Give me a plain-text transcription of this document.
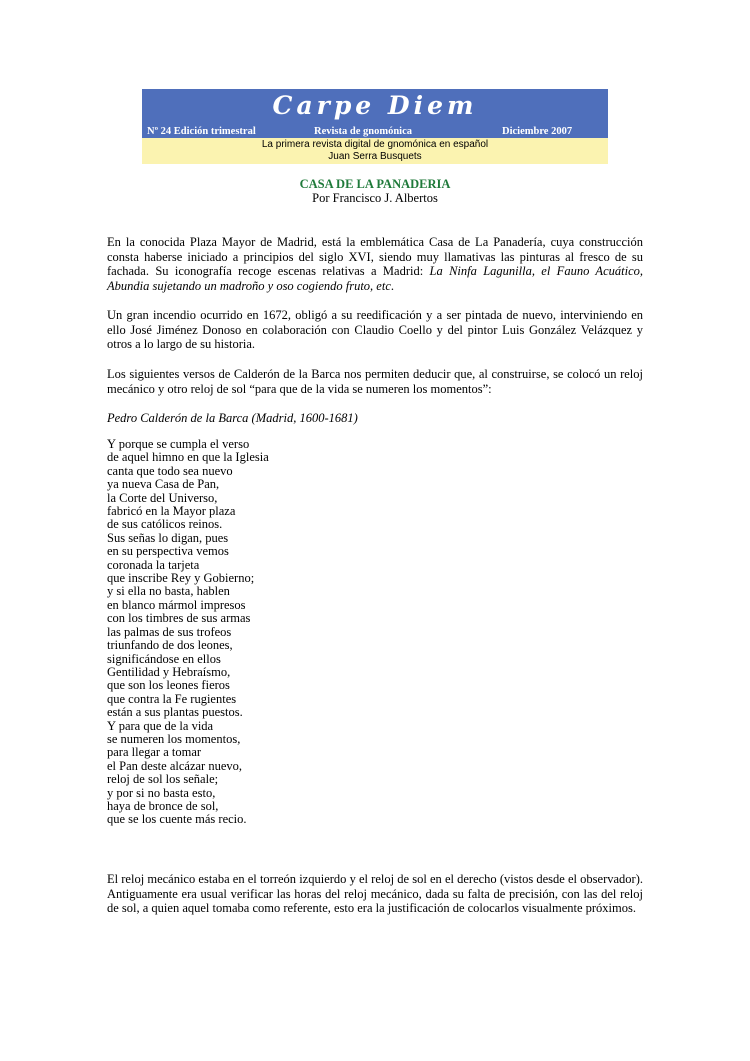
Carpe Diem
Nº 24 Edición trimestral	Revista de gnomónica	Diciembre 2007
La primera revista digital de gnomónica en español
Juan Serra Busquets
CASA DE LA PANADERIA
Por Francisco J. Albertos

En la conocida Plaza Mayor de Madrid, está la emblemática Casa de La Panadería, cuya construcción consta haberse iniciado a principios del siglo XVI, siendo muy llamativas las pinturas al fresco de su fachada. Su iconografía recoge escenas relativas a Madrid: La Ninfa Lagunilla, el Fauno Acuático, Abundia sujetando un madroño y oso cogiendo fruto, etc.

Un gran incendio ocurrido en 1672, obligó a su reedificación y a ser pintada de nuevo, interviniendo en ello José Jiménez Donoso en colaboración con Claudio Coello y del pintor Luis González Velázquez y otros a lo largo de su historia.

Los siguientes versos de Calderón de la Barca nos permiten deducir que, al construirse, se colocó un reloj mecánico y otro reloj de sol “para que de la vida se numeren los momentos”:

Pedro Calderón de la Barca (Madrid, 1600-1681)

Y porque se cumpla el verso
de aquel himno en que la Iglesia
canta que todo sea nuevo
ya nueva Casa de Pan,
la Corte del Universo,
fabricó en la Mayor plaza
de sus católicos reinos.
Sus señas lo digan, pues
en su perspectiva vemos
coronada la tarjeta
que inscribe Rey y Gobierno;
y si ella no basta, hablen
en blanco mármol impresos
con los timbres de sus armas
las palmas de sus trofeos
triunfando de dos leones,
significándose en ellos
Gentilidad y Hebraísmo,
que son los leones fieros
que contra la Fe rugientes
están a sus plantas puestos.
Y para que de la vida
se numeren los momentos,
para llegar a tomar
el Pan deste alcázar nuevo,
reloj de sol los señale;
y por si no basta esto,
haya de bronce de sol,
que se los cuente más recio.

El reloj mecánico estaba en el torreón izquierdo y el reloj de sol en el derecho (vistos desde el observador). Antiguamente era usual verificar las horas del reloj mecánico, dada su falta de precisión, con las del reloj de sol, a quien aquel tomaba como referente, esto era la justificación de colocarlos visualmente próximos.
